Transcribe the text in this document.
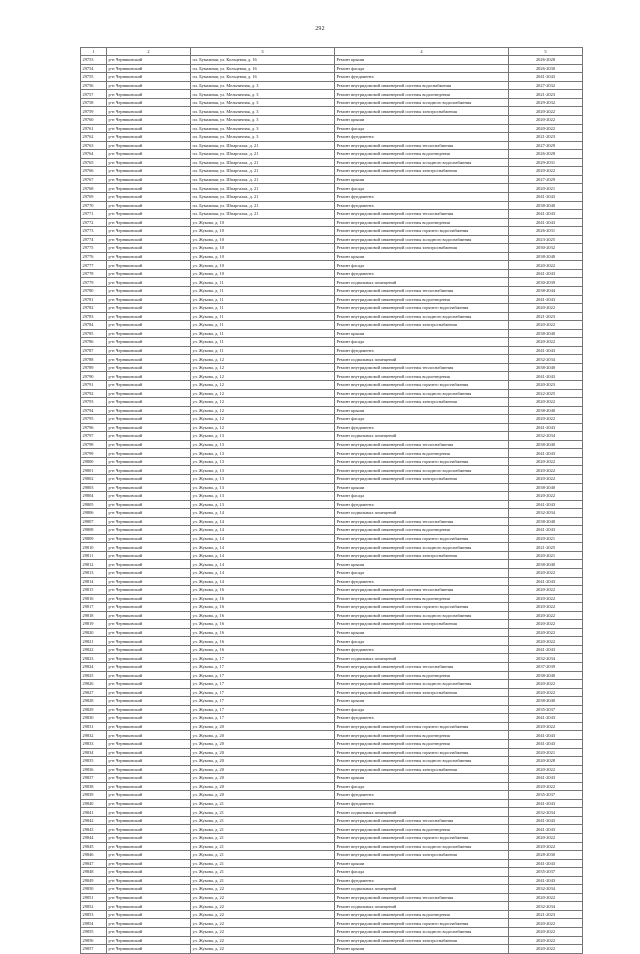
292
1	2	3	4	5
29753	р-н Черниковский	пл. Бумажная, ул. Кольцевая, д. 16	Ремонт крыши	2026-2028
29754	р-н Черниковский	пл. Бумажная, ул. Кольцевая, д. 16	Ремонт фасада	2026-2030
29755	р-н Черниковский	пл. Бумажная, ул. Кольцевая, д. 16	Ремонт фундамента	2041-2043
29756	р-н Черниковский	пл. Бумажная, ул. Мельничная, д. 3	Ремонт внутридомовой инженерной системы водоснабжения	2027-2032
29757	р-н Черниковский	пл. Бумажная, ул. Мельничная, д. 3	Ремонт внутридомовой инженерной системы водоотведения	2021-2023
29758	р-н Черниковский	пл. Бумажная, ул. Мельничная, д. 3	Ремонт внутридомовой инженерной системы холодного водоснабжения	2029-2032
29759	р-н Черниковский	пл. Бумажная, ул. Мельничная, д. 3	Ремонт внутридомовой инженерной системы электроснабжения	2020-2022
29760	р-н Черниковский	пл. Бумажная, ул. Мельничная, д. 3	Ремонт крыши	2020-2022
29761	р-н Черниковский	пл. Бумажная, ул. Мельничная, д. 3	Ремонт фасада	2020-2022
29762	р-н Черниковский	пл. Бумажная, ул. Мельничная, д. 3	Ремонт фундамента	2021-2023
29763	р-н Черниковский	пл. Бумажная, ул. Шпаргалка, д. 21	Ремонт внутридомовой инженерной системы теплоснабжения	2027-2029
29764	р-н Черниковский	пл. Бумажная, ул. Шпаргалка, д. 21	Ремонт внутридомовой инженерной системы водоотведения	2026-2028
29765	р-н Черниковский	пл. Бумажная, ул. Шпаргалка, д. 21	Ремонт внутридомовой инженерной системы холодного водоснабжения	2029-2031
29766	р-н Черниковский	пл. Бумажная, ул. Шпаргалка, д. 21	Ремонт внутридомовой инженерной системы электроснабжения	2020-2022
29767	р-н Черниковский	пл. Бумажная, ул. Шпаргалка, д. 21	Ремонт крыши	2027-2029
29768	р-н Черниковский	пл. Бумажная, ул. Шпаргалка, д. 21	Ремонт фасада	2020-2021
29769	р-н Черниковский	пл. Бумажная, ул. Шпаргалка, д. 21	Ремонт фундамента	2041-2043
29770	р-н Черниковский	пл. Бумажная, ул. Шпаргалка, д. 21	Ремонт фундамента	2038-2040
29771	р-н Черниковский	пл. Бумажная, ул. Шпаргалка, д. 21	Ремонт внутридомовой инженерной системы теплоснабжения	2041-2043
29772	р-н Черниковский	ул. Жукова, д. 10	Ремонт внутридомовой инженерной системы водоотведения	2041-2043
29773	р-н Черниковский	ул. Жукова, д. 10	Ремонт внутридомовой инженерной системы горячего водоснабжения	2026-2031
29774	р-н Черниковский	ул. Жукова, д. 10	Ремонт внутридомовой инженерной системы холодного водоснабжения	2023-2025
29775	р-н Черниковский	ул. Жукова, д. 10	Ремонт внутридомовой инженерной системы электроснабжения	2030-2032
29776	р-н Черниковский	ул. Жукова, д. 10	Ремонт крыши	2038-2040
29777	р-н Черниковский	ул. Жукова, д. 10	Ремонт фасада	2020-2022
29778	р-н Черниковский	ул. Жукова, д. 10	Ремонт фундамента	2041-2043
29779	р-н Черниковский	ул. Жукова, д. 11	Ремонт подвальных помещений	2030-2039
29780	р-н Черниковский	ул. Жукова, д. 11	Ремонт внутридомовой инженерной системы теплоснабжения	2038-2044
29781	р-н Черниковский	ул. Жукова, д. 11	Ремонт внутридомовой инженерной системы водоотведения	2041-2043
29782	р-н Черниковский	ул. Жукова, д. 11	Ремонт внутридомовой инженерной системы горячего водоснабжения	2020-2022
29783	р-н Черниковский	ул. Жукова, д. 11	Ремонт внутридомовой инженерной системы холодного водоснабжения	2021-2023
29784	р-н Черниковский	ул. Жукова, д. 11	Ремонт внутридомовой инженерной системы электроснабжения	2020-2022
29785	р-н Черниковский	ул. Жукова, д. 11	Ремонт крыши	2038-2040
29786	р-н Черниковский	ул. Жукова, д. 11	Ремонт фасада	2020-2022
29787	р-н Черниковский	ул. Жукова, д. 11	Ремонт фундамента	2041-2043
29788	р-н Черниковский	ул. Жукова, д. 12	Ремонт подвальных помещений	2032-2034
29789	р-н Черниковский	ул. Жукова, д. 12	Ремонт внутридомовой инженерной системы теплоснабжения	2038-2040
29790	р-н Черниковский	ул. Жукова, д. 12	Ремонт внутридомовой инженерной системы водоотведения	2041-2043
29791	р-н Черниковский	ул. Жукова, д. 12	Ремонт внутридомовой инженерной системы горячего водоснабжения	2020-2023
29792	р-н Черниковский	ул. Жукова, д. 12	Ремонт внутридомовой инженерной системы холодного водоснабжения	2022-2025
29793	р-н Черниковский	ул. Жукова, д. 12	Ремонт внутридомовой инженерной системы электроснабжения	2020-2022
29794	р-н Черниковский	ул. Жукова, д. 12	Ремонт крыши	2038-2040
29795	р-н Черниковский	ул. Жукова, д. 12	Ремонт фасада	2020-2022
29796	р-н Черниковский	ул. Жукова, д. 12	Ремонт фундамента	2041-2043
29797	р-н Черниковский	ул. Жукова, д. 13	Ремонт подвальных помещений	2032-2034
29798	р-н Черниковский	ул. Жукова, д. 13	Ремонт внутридомовой инженерной системы теплоснабжения	2038-2040
29799	р-н Черниковский	ул. Жукова, д. 13	Ремонт внутридомовой инженерной системы водоотведения	2041-2043
29800	р-н Черниковский	ул. Жукова, д. 13	Ремонт внутридомовой инженерной системы горячего водоснабжения	2020-2022
29801	р-н Черниковский	ул. Жукова, д. 13	Ремонт внутридомовой инженерной системы холодного водоснабжения	2020-2022
29802	р-н Черниковский	ул. Жукова, д. 13	Ремонт внутридомовой инженерной системы электроснабжения	2020-2022
29803	р-н Черниковский	ул. Жукова, д. 13	Ремонт крыши	2038-2040
29804	р-н Черниковский	ул. Жукова, д. 13	Ремонт фасада	2020-2022
29805	р-н Черниковский	ул. Жукова, д. 13	Ремонт фундамента	2041-2043
29806	р-н Черниковский	ул. Жукова, д. 14	Ремонт подвальных помещений	2032-2034
29807	р-н Черниковский	ул. Жукова, д. 14	Ремонт внутридомовой инженерной системы теплоснабжения	2038-2040
29808	р-н Черниковский	ул. Жукова, д. 14	Ремонт внутридомовой инженерной системы водоотведения	2041-2043
29809	р-н Черниковский	ул. Жукова, д. 14	Ремонт внутридомовой инженерной системы горячего водоснабжения	2020-2021
29810	р-н Черниковский	ул. Жукова, д. 14	Ремонт внутридомовой инженерной системы холодного водоснабжения	2021-2025
29811	р-н Черниковский	ул. Жукова, д. 14	Ремонт внутридомовой инженерной системы электроснабжения	2020-2021
29812	р-н Черниковский	ул. Жукова, д. 14	Ремонт крыши	2038-2040
29813	р-н Черниковский	ул. Жукова, д. 14	Ремонт фасада	2020-2022
29814	р-н Черниковский	ул. Жукова, д. 14	Ремонт фундамента	2041-2043
29815	р-н Черниковский	ул. Жукова, д. 16	Ремонт внутридомовой инженерной системы теплоснабжения	2020-2022
29816	р-н Черниковский	ул. Жукова, д. 16	Ремонт внутридомовой инженерной системы водоотведения	2020-2022
29817	р-н Черниковский	ул. Жукова, д. 16	Ремонт внутридомовой инженерной системы горячего водоснабжения	2020-2022
29818	р-н Черниковский	ул. Жукова, д. 16	Ремонт внутридомовой инженерной системы холодного водоснабжения	2020-2022
29819	р-н Черниковский	ул. Жукова, д. 16	Ремонт внутридомовой инженерной системы электроснабжения	2020-2022
29820	р-н Черниковский	ул. Жукова, д. 16	Ремонт крыши	2020-2022
29821	р-н Черниковский	ул. Жукова, д. 16	Ремонт фасада	2020-2022
29822	р-н Черниковский	ул. Жукова, д. 16	Ремонт фундамента	2041-2043
29823	р-н Черниковский	ул. Жукова, д. 17	Ремонт подвальных помещений	2032-2034
29824	р-н Черниковский	ул. Жукова, д. 17	Ремонт внутридомовой инженерной системы теплоснабжения	2037-2039
29825	р-н Черниковский	ул. Жукова, д. 17	Ремонт внутридомовой инженерной системы водоотведения	2038-2040
29826	р-н Черниковский	ул. Жукова, д. 17	Ремонт внутридомовой инженерной системы холодного водоснабжения	2020-2022
29827	р-н Черниковский	ул. Жукова, д. 17	Ремонт внутридомовой инженерной системы электроснабжения	2020-2022
29828	р-н Черниковский	ул. Жукова, д. 17	Ремонт крыши	2038-2040
29829	р-н Черниковский	ул. Жукова, д. 17	Ремонт фасада	2035-2037
29830	р-н Черниковский	ул. Жукова, д. 17	Ремонт фундамента	2041-2043
29831	р-н Черниковский	ул. Жукова, д. 20	Ремонт внутридомовой инженерной системы горячего водоснабжения	2020-2022
29832	р-н Черниковский	ул. Жукова, д. 20	Ремонт внутридомовой инженерной системы водоотведения	2041-2043
29833	р-н Черниковский	ул. Жукова, д. 20	Ремонт внутридомовой инженерной системы водоотведения	2041-2043
29834	р-н Черниковский	ул. Жукова, д. 20	Ремонт внутридомовой инженерной системы горячего водоснабжения	2020-2021
29835	р-н Черниковский	ул. Жукова, д. 20	Ремонт внутридомовой инженерной системы холодного водоснабжения	2020-2028
29836	р-н Черниковский	ул. Жукова, д. 20	Ремонт внутридомовой инженерной системы электроснабжения	2020-2022
29837	р-н Черниковский	ул. Жукова, д. 20	Ремонт крыши	2041-2043
29838	р-н Черниковский	ул. Жукова, д. 20	Ремонт фасада	2020-2022
29839	р-н Черниковский	ул. Жукова, д. 20	Ремонт фундамента	2035-2037
29840	р-н Черниковский	ул. Жукова, д. 21	Ремонт фундамента	2041-2043
29841	р-н Черниковский	ул. Жукова, д. 21	Ремонт подвальных помещений	2032-2034
29842	р-н Черниковский	ул. Жукова, д. 21	Ремонт внутридомовой инженерной системы теплоснабжения	2041-2043
29843	р-н Черниковский	ул. Жукова, д. 21	Ремонт внутридомовой инженерной системы водоотведения	2041-2043
29844	р-н Черниковский	ул. Жукова, д. 21	Ремонт внутридомовой инженерной системы горячего водоснабжения	2020-2022
29845	р-н Черниковский	ул. Жукова, д. 21	Ремонт внутридомовой инженерной системы холодного водоснабжения	2020-2022
29846	р-н Черниковский	ул. Жукова, д. 21	Ремонт внутридомовой инженерной системы электроснабжения	2028-2030
29847	р-н Черниковский	ул. Жукова, д. 21	Ремонт крыши	2041-2043
29848	р-н Черниковский	ул. Жукова, д. 21	Ремонт фасада	2035-2037
29849	р-н Черниковский	ул. Жукова, д. 21	Ремонт фундамента	2041-2043
29850	р-н Черниковский	ул. Жукова, д. 22	Ремонт подвальных помещений	2032-2034
29851	р-н Черниковский	ул. Жукова, д. 22	Ремонт внутридомовой инженерной системы теплоснабжения	2020-2022
29852	р-н Черниковский	ул. Жукова, д. 22	Ремонт подвальных помещений	2032-2034
29853	р-н Черниковский	ул. Жукова, д. 22	Ремонт внутридомовой инженерной системы водоотведения	2021-2023
29854	р-н Черниковский	ул. Жукова, д. 22	Ремонт внутридомовой инженерной системы горячего водоснабжения	2020-2022
29855	р-н Черниковский	ул. Жукова, д. 22	Ремонт внутридомовой инженерной системы холодного водоснабжения	2020-2022
29856	р-н Черниковский	ул. Жукова, д. 22	Ремонт внутридомовой инженерной системы электроснабжения	2020-2022
29857	р-н Черниковский	ул. Жукова, д. 22	Ремонт крыши	2020-2022
